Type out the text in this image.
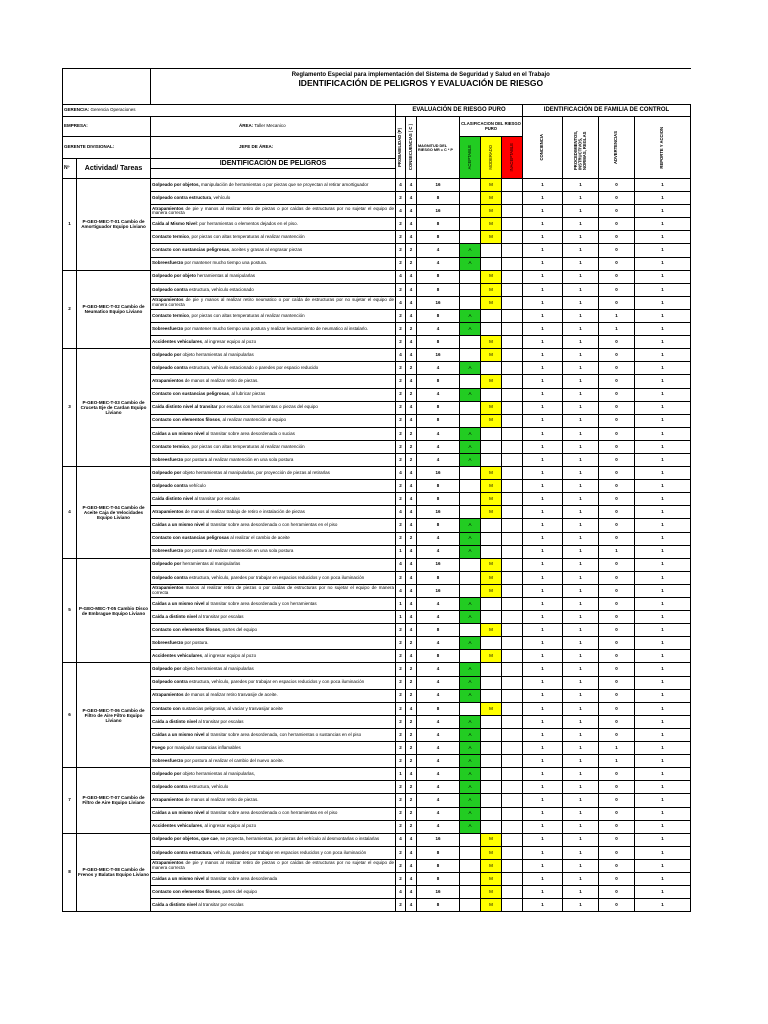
		Reglamento Especial para implementación del Sistema de Seguridad y Salud en el Trabajo
IDENTIFICACIÓN DE PELIGROS Y EVALUACIÓN DE RIESGO										

GERENCIA: Gerencia Operaciones			EVALUACIÓN DE RIESGO PURO						IDENTIFICACIÓN DE FAMILIA DE CONTROL			
EMPRESA:		ÁREA: Taller Mecanico	PROBABILIDAD (P)	CONSECUENCIAS ( C )	MAGNITUD DEL RIESGO MR = C * P	CLASIFICACION DEL RIESGO PURO			CONCIENCIA	PROCEDIMIENTOS, INSTRUCTIVOS, NORMAS, REGLAS	ADVERTENCIAS	REPORTE Y ACCION

GERENTE DIVISIONAL:		JEFE DE ÁREA:				ACEPTABLE	MODERADO	INACEPTABLE				

Nº	Actividad/ Tareas	IDENTIFICACIÓN DE PELIGROS										

1	P-GEO-MEC-T-01 Cambio de Amortiguador Equipo Liviano	Golpeado por objetos, manipulación de herramientas o por piezas que se proyectan al retirar amortiguador	4	4	16		M		1	1	0	1
		Golpeado contra estructura, vehículo	2	4	8		M		1	1	0	1
		Atrapamientos de pie y manos al realizar retiro de piezas o por caídas de estructuras por no sujetar el equipo de manera correcta	4	4	16		M		1	1	0	1
		Caída al Mismo Nivel: por herramientas o elementos dejados en el piso.	2	4	8		M		1	1	0	1
		Contacto termico, por piezas con altas temperaturas al realizar mantención	2	4	8		M		1	1	0	1
		Contacto con sustancias peligrosas, aceites y grasas al engrasar piezas	2	2	4	A			1	1	0	1
		Sobreesfuerzo por mantener mucho tiempo una postura.	2	2	4	A			1	1	0	1
2	P-GEO-MEC-T-02 Cambio de Neumatico Equipo Liviano	Golpeado por objeto herramientas al manipularlas	4	4	8		M		1	1	0	1
		Golpeado contra estructura, vehículo estacionado	2	4	8		M		1	1	0	1
		Atrapamientos de pie y manos al realizar retiro neumatico o por caída de estructuras por no sujetar el equipo de manera correcta	4	4	16		M		1	1	0	1
		Contacto termico, por piezas con altas temperaturas al realizar mantención	2	4	8	A			1	1	1	1
		Sobreesfuerzo por mantener mucho tiempo una postura y realizar levantamiento de neumatico al instalarlo.	2	2	4	A			1	1	1	1
		Accidentes vehiculares, al ingresar equipo al pozo	2	4	8		M		1	1	0	1
3	P-GEO-MEC-T-03 Cambio de Cruceta Eje de Cardan Equipo Liviano	Golpeado por objeto herramientas al manipularlas	4	4	16		M		1	1	0	1
		Golpeado contra estructura, vehículo estacionado o paredes por espacio reducido	2	2	4	A			1	1	0	1
		Atrapamientos de manos al realizar retiro de piezas.	2	4	8		M		1	1	0	1
		Contacto con sustancias peligrosas, al lubricar piezas	2	2	4	A			1	1	0	1
		Caída distinto nivel al transitar por escalas con herramientas o piezas del equipo	2	4	8		M		1	1	0	1
		Contacto con elementos filosos, al realizar mantención al equipo	2	4	8		M		1	1	0	1
		Caídas a un mismo nivel al transitar sobre area desordenada o sucias	2	2	4	A			1	1	0	1
		Contacto termico, por piezas con altas temperaturas al realizar mantención	2	2	4	A			1	1	0	1
		Sobreesfuerzo por postura al realizar mantención en una sola postura	2	2	4	A			1	1	0	1
4	P-GEO-MEC-T-04 Cambio de Aceite Caja de Velocidades Equipo Liviano	Golpeado por objeto herramientas al manipularlas, por proyección de piezas al retirarlas	4	4	16		M		1	1	0	1
		Golpeado contra vehículo	2	4	8		M		1	1	0	1
		Caída distinto nivel al transitar por escalas	2	4	8		M		1	1	0	1
		Atrapamientos de manos al realizar trabajo de retiro e instalación de piezas	4	4	16		M		1	1	0	1
		Caídas a un mismo nivel al transitar sobre area desordenada o con herramientas en el piso	2	4	8	A			1	1	0	1
		Contacto con sustancias peligrosas al realizar el cambio de aceite	2	2	4	A			1	1	0	1
		Sobreesfuerzo por postura al realizar mantención en una sola postura	1	4	4	A			1	1	1	1
5	P-GEO-MEC-T-05 Cambio Disco de Embrague Equipo Liviano	Golpeado por herramientas al manipularlas	4	4	16		M		1	1	0	1
		Golpeado contra estructura, vehículo, paredes por trabajar en espacios reducidos y con poca iluminación	2	4	8		M		1	1	0	1
		Atrapamientos manos al realizar retiro de piezas o por caídas de estructuras por no sujetar el equipo de manera correcta	4	4	16		M		1	1	0	1
		Caídas a un mismo nivel al transitar sobre area desordenada y con herramientas	1	4	4	A			1	1	0	1
		Caída a distinto nivel al transitar por escalas	1	4	4	A			1	1	0	1
		Contacto con elementos filosos, partes del equipo	2	4	8		M		1	1	0	1
		Sobreesfuerzo por postura.	2	2	4	A			1	1	0	1
		Accidentes vehiculares, al ingresar equipo al pozo	2	4	8		M		1	1	0	1
6	P-GEO-MEC-T-06 Cambio de Filtro de Aire Filtro Equipo Liviano	Golpeado por objeto herramientas al manipularlas	2	2	4	A			1	1	0	1
		Golpeado contra estructura, vehículo, paredes por trabajar en espacios reducidos y con poca iluminación	2	2	4	A			1	1	0	1
		Atrapamientos de manos al realizar retiro trasvasije de aceite.	2	2	4	A			1	1	0	1
		Contacto con sustancias peligrosas, al vaciar y trasvasijar aceite	2	4	8		M		1	1	0	1
		Caída a distinto nivel al transitar por escalas	2	2	4	A			1	1	0	1
		Caídas a un mismo nivel al transitar sobre area desordenada, con herramientas o sustancias en el piso	2	2	4	A			1	1	0	1
		Fuego por manipular sustancias inflamables	2	2	4	A			1	1	1	1
		Sobreesfuerzo por postura al realizar el cambio del nuevo aceite.	2	2	4	A			1	1	1	1
7	P-GEO-MEC-T-07 Cambio de Filtro de Aire Equipo Liviano	Golpeado por objeto herramientas al manipularlas,	1	4	4	A			1	1	0	1
		Golpeado contra estructura, vehículo	2	2	4	A			1	1	0	1
		Atrapamientos de manos al realizar retiro de piezas.	2	2	4	A			1	1	0	1
		Caídas a un mismo nivel al transitar sobre area desordenada o con herramientas en el piso	2	2	4	A			1	1	0	1
		Accidentes vehiculares, al ingresar equipo al pozo	2	2	4	A			1	1	0	1
8	P-GEO-MEC-T-08 Cambio de Frenos y Balatas Equipo Liviano	Golpeado por objetos, que cae, se proyecta, herramientas, por piezas del vehículo al desmontarlas o instalarlas	4	4	16		M		1	1	0	1
		Golpeado contra estructura, vehículo, paredes por trabajar en espacios reducidos y con poca iluminación	2	4	8		M		1	1	0	1
		Atrapamientos de pie y manos al realizar retiro de piezas o por caídas de estructuras por no sujetar el equipo de manera correcta	2	4	8		M		1	1	0	1
		Caídas a un mismo nivel al transitar sobre area desordenada	2	4	8		M		1	1	0	1
		Contacto con elementos filosos, partes del equipo	4	4	16		M		1	1	0	1
		Caída a distinto nivel al transitar por escalas	2	4	8		M		1	1	0	1
